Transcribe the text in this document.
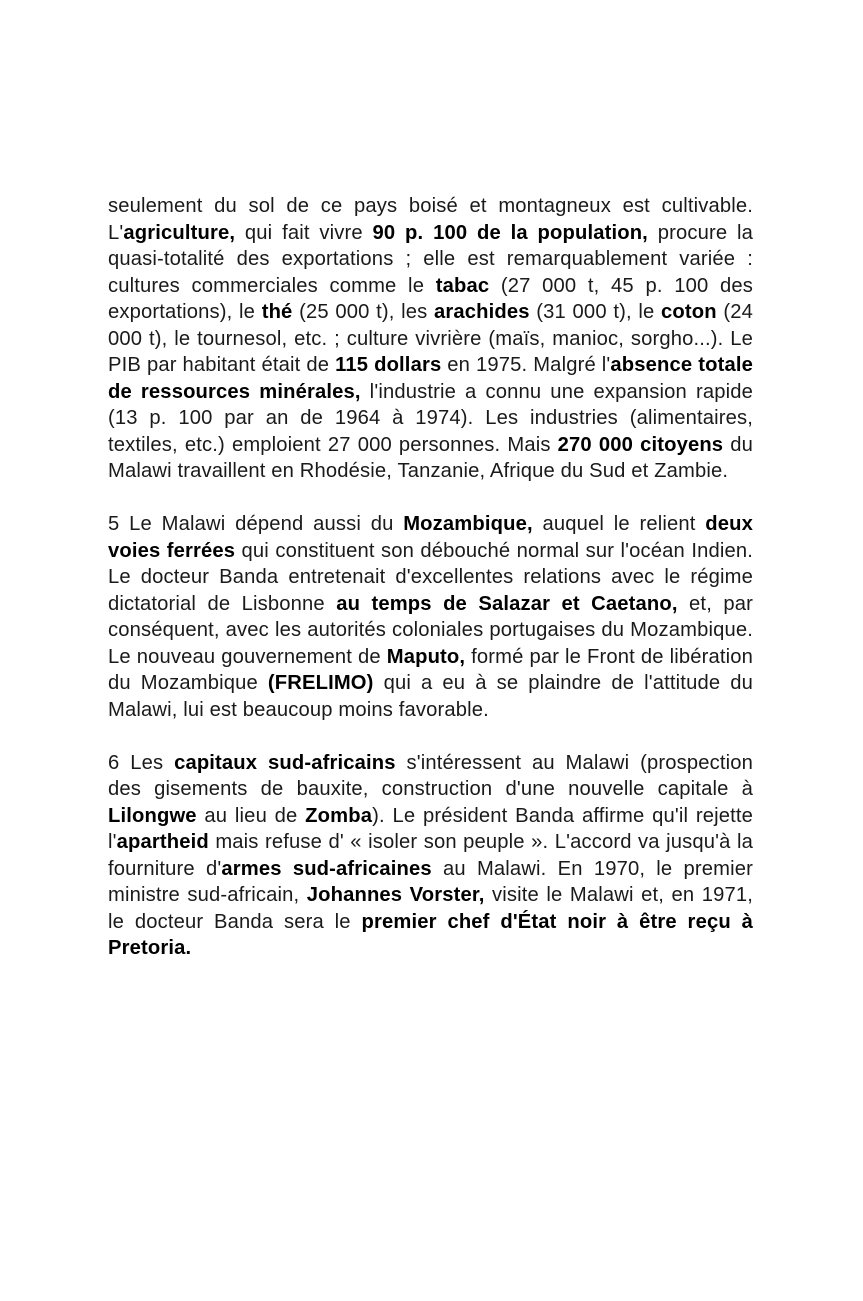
seulement du sol de ce pays boisé et montagneux est cultivable. L'agriculture, qui fait vivre 90 p. 100 de la population, procure la quasi-totalité des exportations ; elle est remarquablement variée : cultures commerciales comme le tabac (27 000 t, 45 p. 100 des exportations), le thé (25 000 t), les arachides (31 000 t), le coton (24 000 t), le tournesol, etc. ; culture vivrière (maïs, manioc, sorgho...). Le PIB par habitant était de 115 dollars en 1975. Malgré l'absence totale de ressources minérales, l'industrie a connu une expansion rapide (13 p. 100 par an de 1964 à 1974). Les industries (alimentaires, textiles, etc.) emploient 27 000 personnes. Mais 270 000 citoyens du Malawi travaillent en Rhodésie, Tanzanie, Afrique du Sud et Zambie.

5 Le Malawi dépend aussi du Mozambique, auquel le relient deux voies ferrées qui constituent son débouché normal sur l'océan Indien. Le docteur Banda entretenait d'excellentes relations avec le régime dictatorial de Lisbonne au temps de Salazar et Caetano, et, par conséquent, avec les autorités coloniales portugaises du Mozambique. Le nouveau gouvernement de Maputo, formé par le Front de libération du Mozambique (FRELIMO) qui a eu à se plaindre de l'attitude du Malawi, lui est beaucoup moins favorable.

6 Les capitaux sud-africains s'intéressent au Malawi (prospection des gisements de bauxite, construction d'une nouvelle capitale à Lilongwe au lieu de Zomba). Le président Banda affirme qu'il rejette l'apartheid mais refuse d' « isoler son peuple ». L'accord va jusqu'à la fourniture d'armes sud-africaines au Malawi. En 1970, le premier ministre sud-africain, Johannes Vorster, visite le Malawi et, en 1971, le docteur Banda sera le premier chef d'État noir à être reçu à Pretoria.
